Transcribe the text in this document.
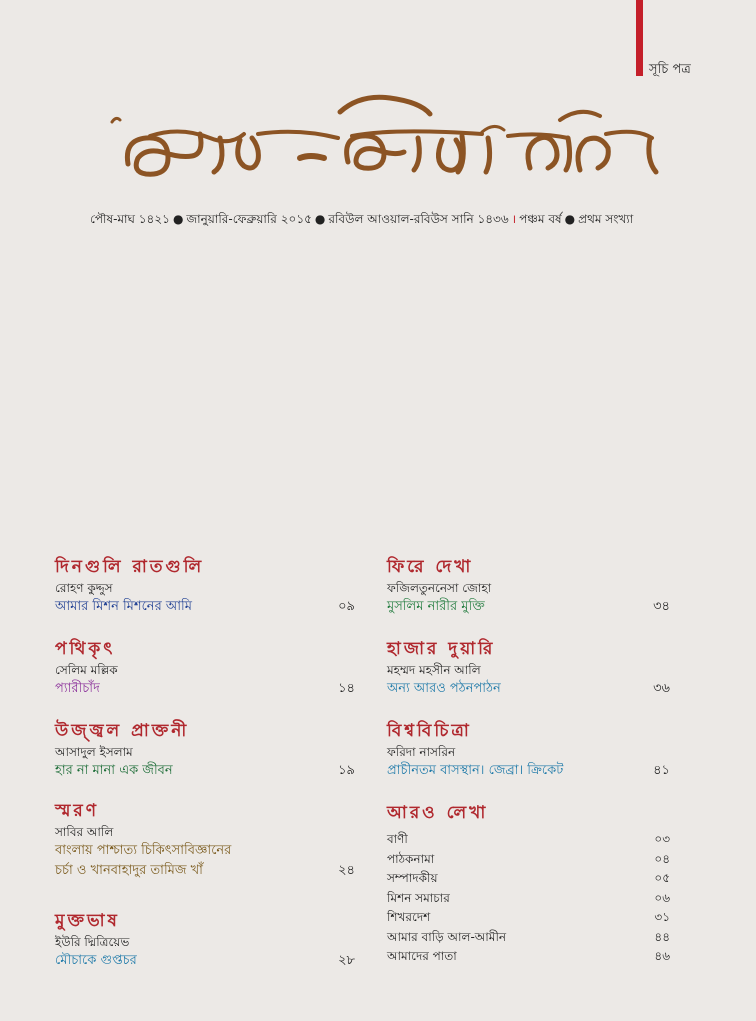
সূচি পত্র
পৌষ-মাঘ ১৪২১ ● জানুয়ারি-ফেব্রুয়ারি ২০১৫ ● রবিউল আওয়াল-রবিউস সানি ১৪৩৬ । পঞ্চম বর্ষ ● প্রথম সংখ্যা
দিনগুলি রাতগুলি
রোহণ কুদ্দুস
আমার মিশন মিশনের আমি	০৯
পথিকৃৎ
সেলিম মল্লিক
প্যারীচাঁদ	১৪
উজ্জ্বল প্রাক্তনী
আসাদুল ইসলাম
হার না মানা এক জীবন	১৯
স্মরণ
সাবির আলি
বাংলায় পাশ্চাত্য চিকিৎসাবিজ্ঞানের চর্চা ও খানবাহাদুর তামিজ খাঁ	২৪
মুক্তভাষ
ইউরি দ্মিত্রিয়েভ
মৌচাকে গুপ্তচর	২৮
ফিরে দেখা
ফজিলতুননেসা জোহা
মুসলিম নারীর মুক্তি	৩৪
হাজার দুয়ারি
মহম্মদ মহসীন আলি
অন্য আরও পঠনপাঠন	৩৬
বিশ্ববিচিত্রা
ফরিদা নাসরিন
প্রাচীনতম বাসস্থান। জেব্রা। ক্রিকেট	৪১
আরও লেখা
বাণী	০৩
পাঠকনামা	০৪
সম্পাদকীয়	০৫
মিশন সমাচার	০৬
শিখরদেশ	৩১
আমার বাড়ি আল-আমীন	৪৪
আমাদের পাতা	৪৬
